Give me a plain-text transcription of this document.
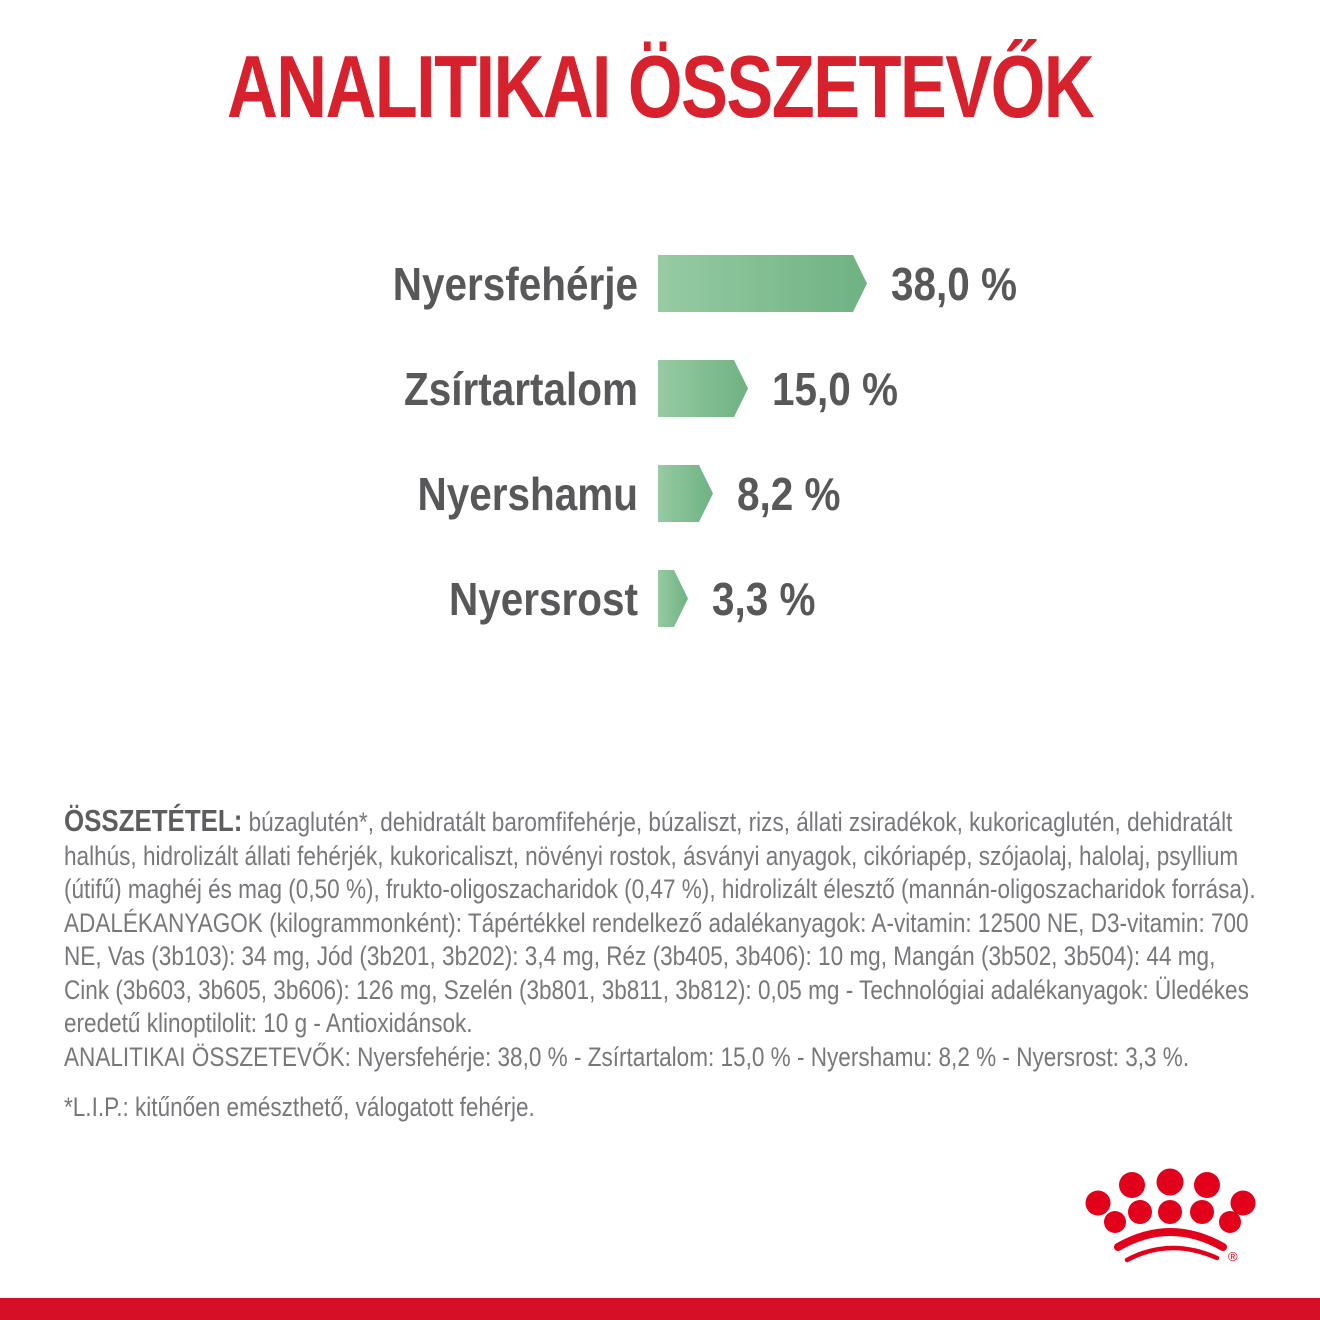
ANALITIKAI ÖSSZETEVŐK
Nyersfehérje	38,0 %
Zsírtartalom	15,0 %
Nyershamu 8,2 %
Nyersrost 3,3 %

ÖSSZETÉTEL: búzaglutén*, dehidratált baromfifehérje, búzaliszt, rizs, állati zsiradékok, kukoricaglutén, dehidratált halhús, hidrolizált állati fehérjék, kukoricaliszt, növényi rostok, ásványi anyagok, cikóriapép, szójaolaj, halolaj, psyllium (útifű) maghéj és mag (0,50 %), frukto-oligoszacharidok (0,47 %), hidrolizált élesztő (mannán-oligoszacharidok forrása).

ADALÉKANYAGOK (kilogrammonként): Tápértékkel rendelkező adalékanyagok: A-vitamin: 12500 NE, D3-vitamin: 700 NE, Vas (3b103): 34 mg, Jód (3b201, 3b202): 3,4 mg, Réz (3b405, 3b406): 10 mg, Mangán (3b502, 3b504): 44 mg, Cink (3b603, 3b605, 3b606): 126 mg, Szelén (3b801, 3b811, 3b812): 0,05 mg - Technológiai adalékanyagok: Üledékes eredetű klinoptilolit: 10 g - Antioxidánsok.

ANALITIKAI ÖSSZETEVŐK: Nyersfehérje: 38,0 % - Zsírtartalom: 15,0 % - Nyershamu: 8,2 % - Nyersrost: 3,3 %.

*L.I.P.: kitűnően emészthető, válogatott fehérje.

®
